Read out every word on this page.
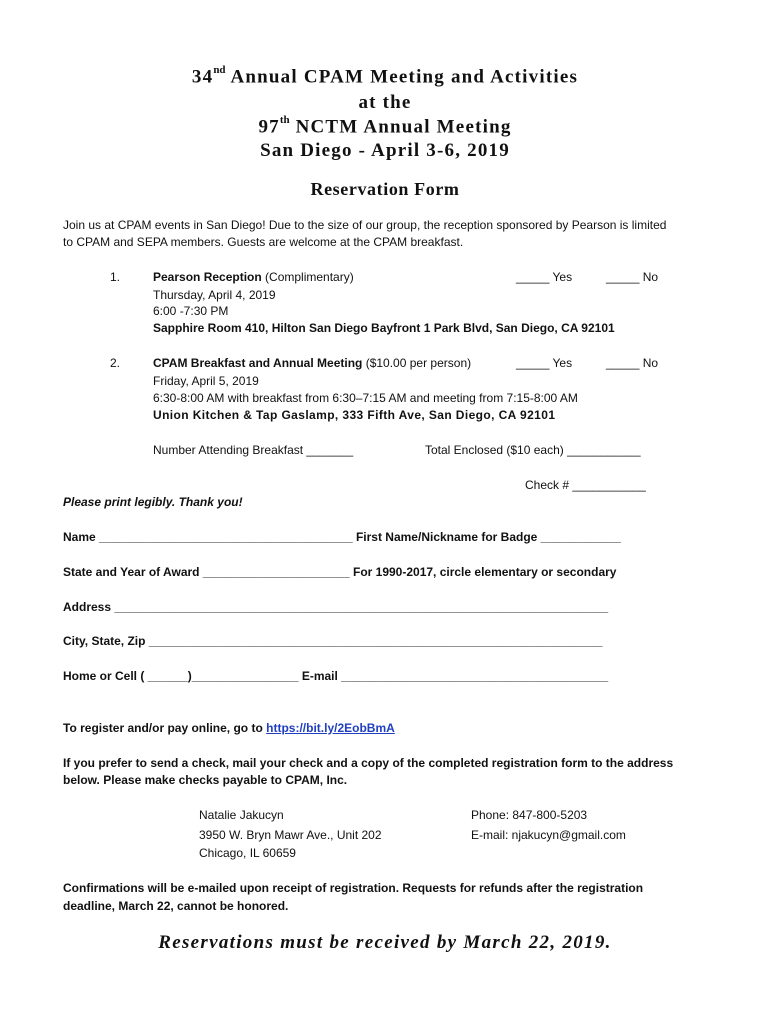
34nd Annual CPAM Meeting and Activities
at the
97th NCTM Annual Meeting
San Diego - April 3-6, 2019
Reservation Form
Join us at CPAM events in San Diego! Due to the size of our group, the reception sponsored by Pearson is limited
to CPAM and SEPA members. Guests are welcome at the CPAM breakfast.
1.	Pearson Reception (Complimentary)	_____ Yes	_____ No
Thursday, April 4, 2019
6:00 -7:30 PM
Sapphire Room 410, Hilton San Diego Bayfront 1 Park Blvd, San Diego, CA 92101
2.	CPAM Breakfast and Annual Meeting ($10.00 per person)	_____ Yes	_____ No
Friday, April 5, 2019
6:30-8:00 AM with breakfast from 6:30–7:15 AM and meeting from 7:15-8:00 AM
Union Kitchen & Tap Gaslamp, 333 Fifth Ave, San Diego, CA 92101
Number Attending Breakfast _______	Total Enclosed ($10 each) ___________
Check # ___________
Please print legibly. Thank you!
Name ______________________________________ First Name/Nickname for Badge ____________
State and Year of Award ______________________ For 1990-2017, circle elementary or secondary
Address __________________________________________________________________________
City, State, Zip ____________________________________________________________________
Home or Cell ( ______)________________ E-mail ________________________________________
To register and/or pay online, go to https://bit.ly/2EobBmA
If you prefer to send a check, mail your check and a copy of the completed registration form to the address
below. Please make checks payable to CPAM, Inc.
Natalie Jakucyn
3950 W. Bryn Mawr Ave., Unit 202
Chicago, IL 60659
Phone: 847-800-5203
E-mail: njakucyn@gmail.com
Confirmations will be e-mailed upon receipt of registration. Requests for refunds after the registration
deadline, March 22, cannot be honored.
Reservations must be received by March 22, 2019.
